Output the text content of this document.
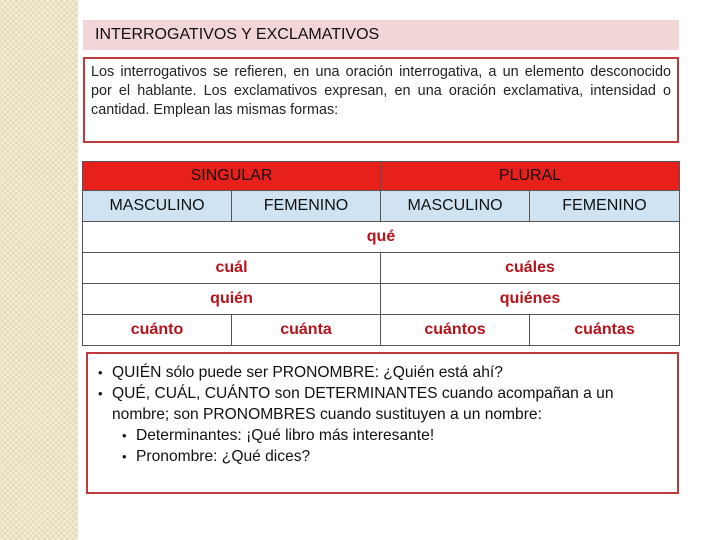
INTERROGATIVOS Y EXCLAMATIVOS
Los interrogativos se refieren, en una oración interrogativa, a un elemento desconocido por el hablante. Los exclamativos expresan, en una oración exclamativa, intensidad o cantidad. Emplean las mismas formas:
SINGULAR		PLURAL	
MASCULINO	FEMENINO	MASCULINO	FEMENINO
qué			
cuál		cuáles	
quién		quiénes	
cuánto	cuánta	cuántos	cuántas
• QUIÉN sólo puede ser PRONOMBRE: ¿Quién está ahí?
• QUÉ, CUÁL, CUÁNTO son DETERMINANTES cuando acompañan a un nombre; son PRONOMBRES cuando sustituyen a un nombre:
• Determinantes: ¡Qué libro más interesante!
• Pronombre: ¿Qué dices?
